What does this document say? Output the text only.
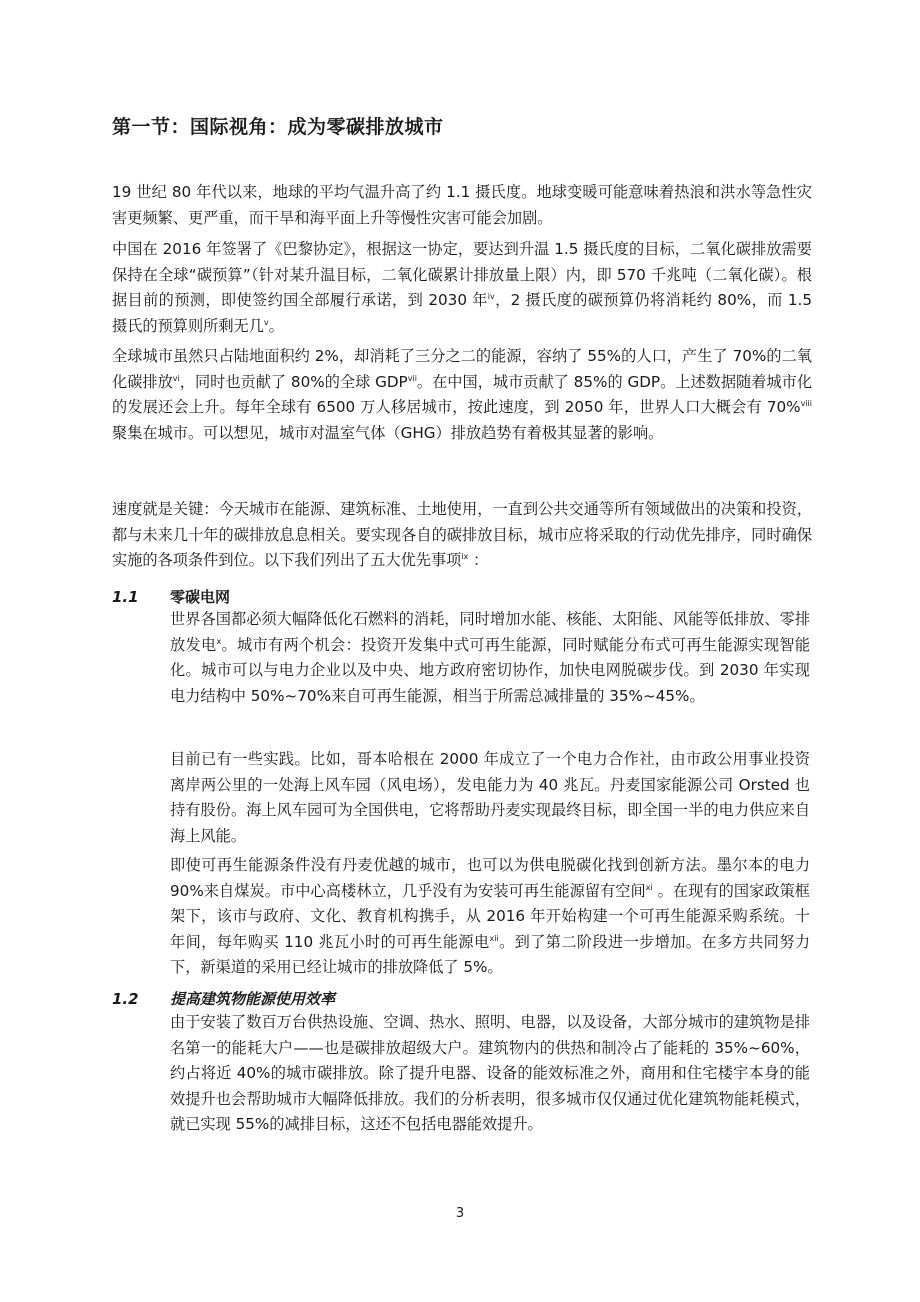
第一节：国际视角：成为零碳排放城市

19 世纪 80 年代以来，地球的平均气温升高了约 1.1 摄氏度。地球变暖可能意味着热浪和洪水等急性灾害更频繁、更严重，而干旱和海平面上升等慢性灾害可能会加剧。

中国在 2016 年签署了《巴黎协定》，根据这一协定，要达到升温 1.5 摄氏度的目标，二氧化碳排放需要保持在全球“碳预算”（针对某升温目标，二氧化碳累计排放量上限）内，即 570 千兆吨（二氧化碳）。根据目前的预测，即使签约国全部履行承诺，到 2030 年$^{iv}$，2 摄氏度的碳预算仍将消耗约 80%，而 1.5 摄氏的预算则所剩无几$^v$。

全球城市虽然只占陆地面积约 2%，却消耗了三分之二的能源，容纳了 55%的人口，产生了 70%的二氧化碳排放$^{vi}$，同时也贡献了 80%的全球 GDP$^{vii}$。在中国，城市贡献了 85%的 GDP。上述数据随着城市化的发展还会上升。每年全球有 6500 万人移居城市，按此速度，到 2050 年，世界人口大概会有 70%$^{viii}$聚集在城市。可以想见，城市对温室气体（GHG）排放趋势有着极其显著的影响。

速度就是关键：今天城市在能源、建筑标准、土地使用，一直到公共交通等所有领域做出的决策和投资，都与未来几十年的碳排放息息相关。要实现各自的碳排放目标，城市应将采取的行动优先排序，同时确保实施的各项条件到位。以下我们列出了五大优先事项$^{ix}$ ：

1.1 零碳电网

世界各国都必须大幅降低化石燃料的消耗，同时增加水能、核能、太阳能、风能等低排放、零排放发电$^x$。城市有两个机会：投资开发集中式可再生能源，同时赋能分布式可再生能源实现智能化。城市可以与电力企业以及中央、地方政府密切协作，加快电网脱碳步伐。到 2030 年实现电力结构中 50%~70%来自可再生能源，相当于所需总减排量的 35%~45%。

目前已有一些实践。比如，哥本哈根在 2000 年成立了一个电力合作社，由市政公用事业投资离岸两公里的一处海上风车园（风电场），发电能力为 40 兆瓦。丹麦国家能源公司 Orsted 也持有股份。海上风车园可为全国供电，它将帮助丹麦实现最终目标，即全国一半的电力供应来自海上风能。

即使可再生能源条件没有丹麦优越的城市，也可以为供电脱碳化找到创新方法。墨尔本的电力 90%来自煤炭。市中心高楼林立，几乎没有为安装可再生能源留有空间$^{xi}$ 。在现有的国家政策框架下，该市与政府、文化、教育机构携手，从 2016 年开始构建一个可再生能源采购系统。十年间，每年购买 110 兆瓦小时的可再生能源电$^{xii}$。到了第二阶段进一步增加。在多方共同努力下，新渠道的采用已经让城市的排放降低了 5%。

1.2 提高建筑物能源使用效率

由于安装了数百万台供热设施、空调、热水、照明、电器，以及设备，大部分城市的建筑物是排名第一的能耗大户——也是碳排放超级大户。建筑物内的供热和制冷占了能耗的 35%~60%，约占将近 40%的城市碳排放。除了提升电器、设备的能效标准之外，商用和住宅楼宇本身的能效提升也会帮助城市大幅降低排放。我们的分析表明，很多城市仅仅通过优化建筑物能耗模式，就已实现 55%的减排目标，这还不包括电器能效提升。

3
